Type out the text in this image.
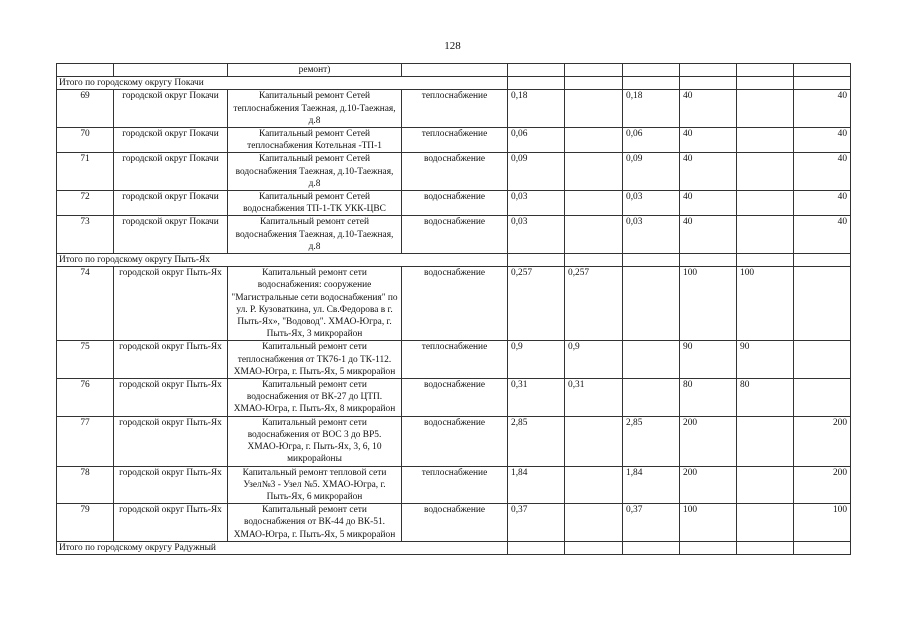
128
		ремонт)							
Итого по городскому округу Покачи									
69	городской округ Покачи	Капитальный ремонт Сетей теплоснабжения Таежная, д.10-Таежная, д.8	теплоснабжение	0,18		0,18	40		40
70	городской округ Покачи	Капитальный ремонт Сетей теплоснабжения Котельная -ТП-1	теплоснабжение	0,06		0,06	40		40
71	городской округ Покачи	Капитальный ремонт Сетей водоснабжения Таежная, д.10-Таежная, д.8	водоснабжение	0,09		0,09	40		40
72	городской округ Покачи	Капитальный ремонт Сетей водоснабжения ТП-1-ТК УКК-ЦВС	водоснабжение	0,03		0,03	40		40
73	городской округ Покачи	Капитальный ремонт сетей водоснабжения Таежная, д.10-Таежная, д.8	водоснабжение	0,03		0,03	40		40
Итого по городскому округу Пыть-Ях									
74	городской округ Пыть-Ях	Капитальный ремонт сети водоснабжения: сооружение "Магистральные сети водоснабжения" по ул. Р. Кузоваткина, ул. Св.Федорова в г. Пыть-Ях», "Водовод". ХМАО-Югра, г. Пыть-Ях, 3 микрорайон	водоснабжение	0,257	0,257		100	100	
75	городской округ Пыть-Ях	Капитальный ремонт сети теплоснабжения от ТК76-1 до ТК-112. ХМАО-Югра, г. Пыть-Ях, 5 микрорайон	теплоснабжение	0,9	0,9		90	90	
76	городской округ Пыть-Ях	Капитальный ремонт сети водоснабжения от ВК-27 до ЦТП. ХМАО-Югра, г. Пыть-Ях, 8 микрорайон	водоснабжение	0,31	0,31		80	80	
77	городской округ Пыть-Ях	Капитальный ремонт сети водоснабжения от ВОС 3 до ВР5. ХМАО-Югра, г. Пыть-Ях, 3, 6, 10 микрорайоны	водоснабжение	2,85		2,85	200		200
78	городской округ Пыть-Ях	Капитальный ремонт тепловой сети Узел№3 - Узел №5. ХМАО-Югра, г. Пыть-Ях, 6 микрорайон	теплоснабжение	1,84		1,84	200		200
79	городской округ Пыть-Ях	Капитальный ремонт сети водоснабжения от ВК-44 до ВК-51. ХМАО-Югра, г. Пыть-Ях, 5 микрорайон	водоснабжение	0,37		0,37	100		100
Итого по городскому округу Радужный									
